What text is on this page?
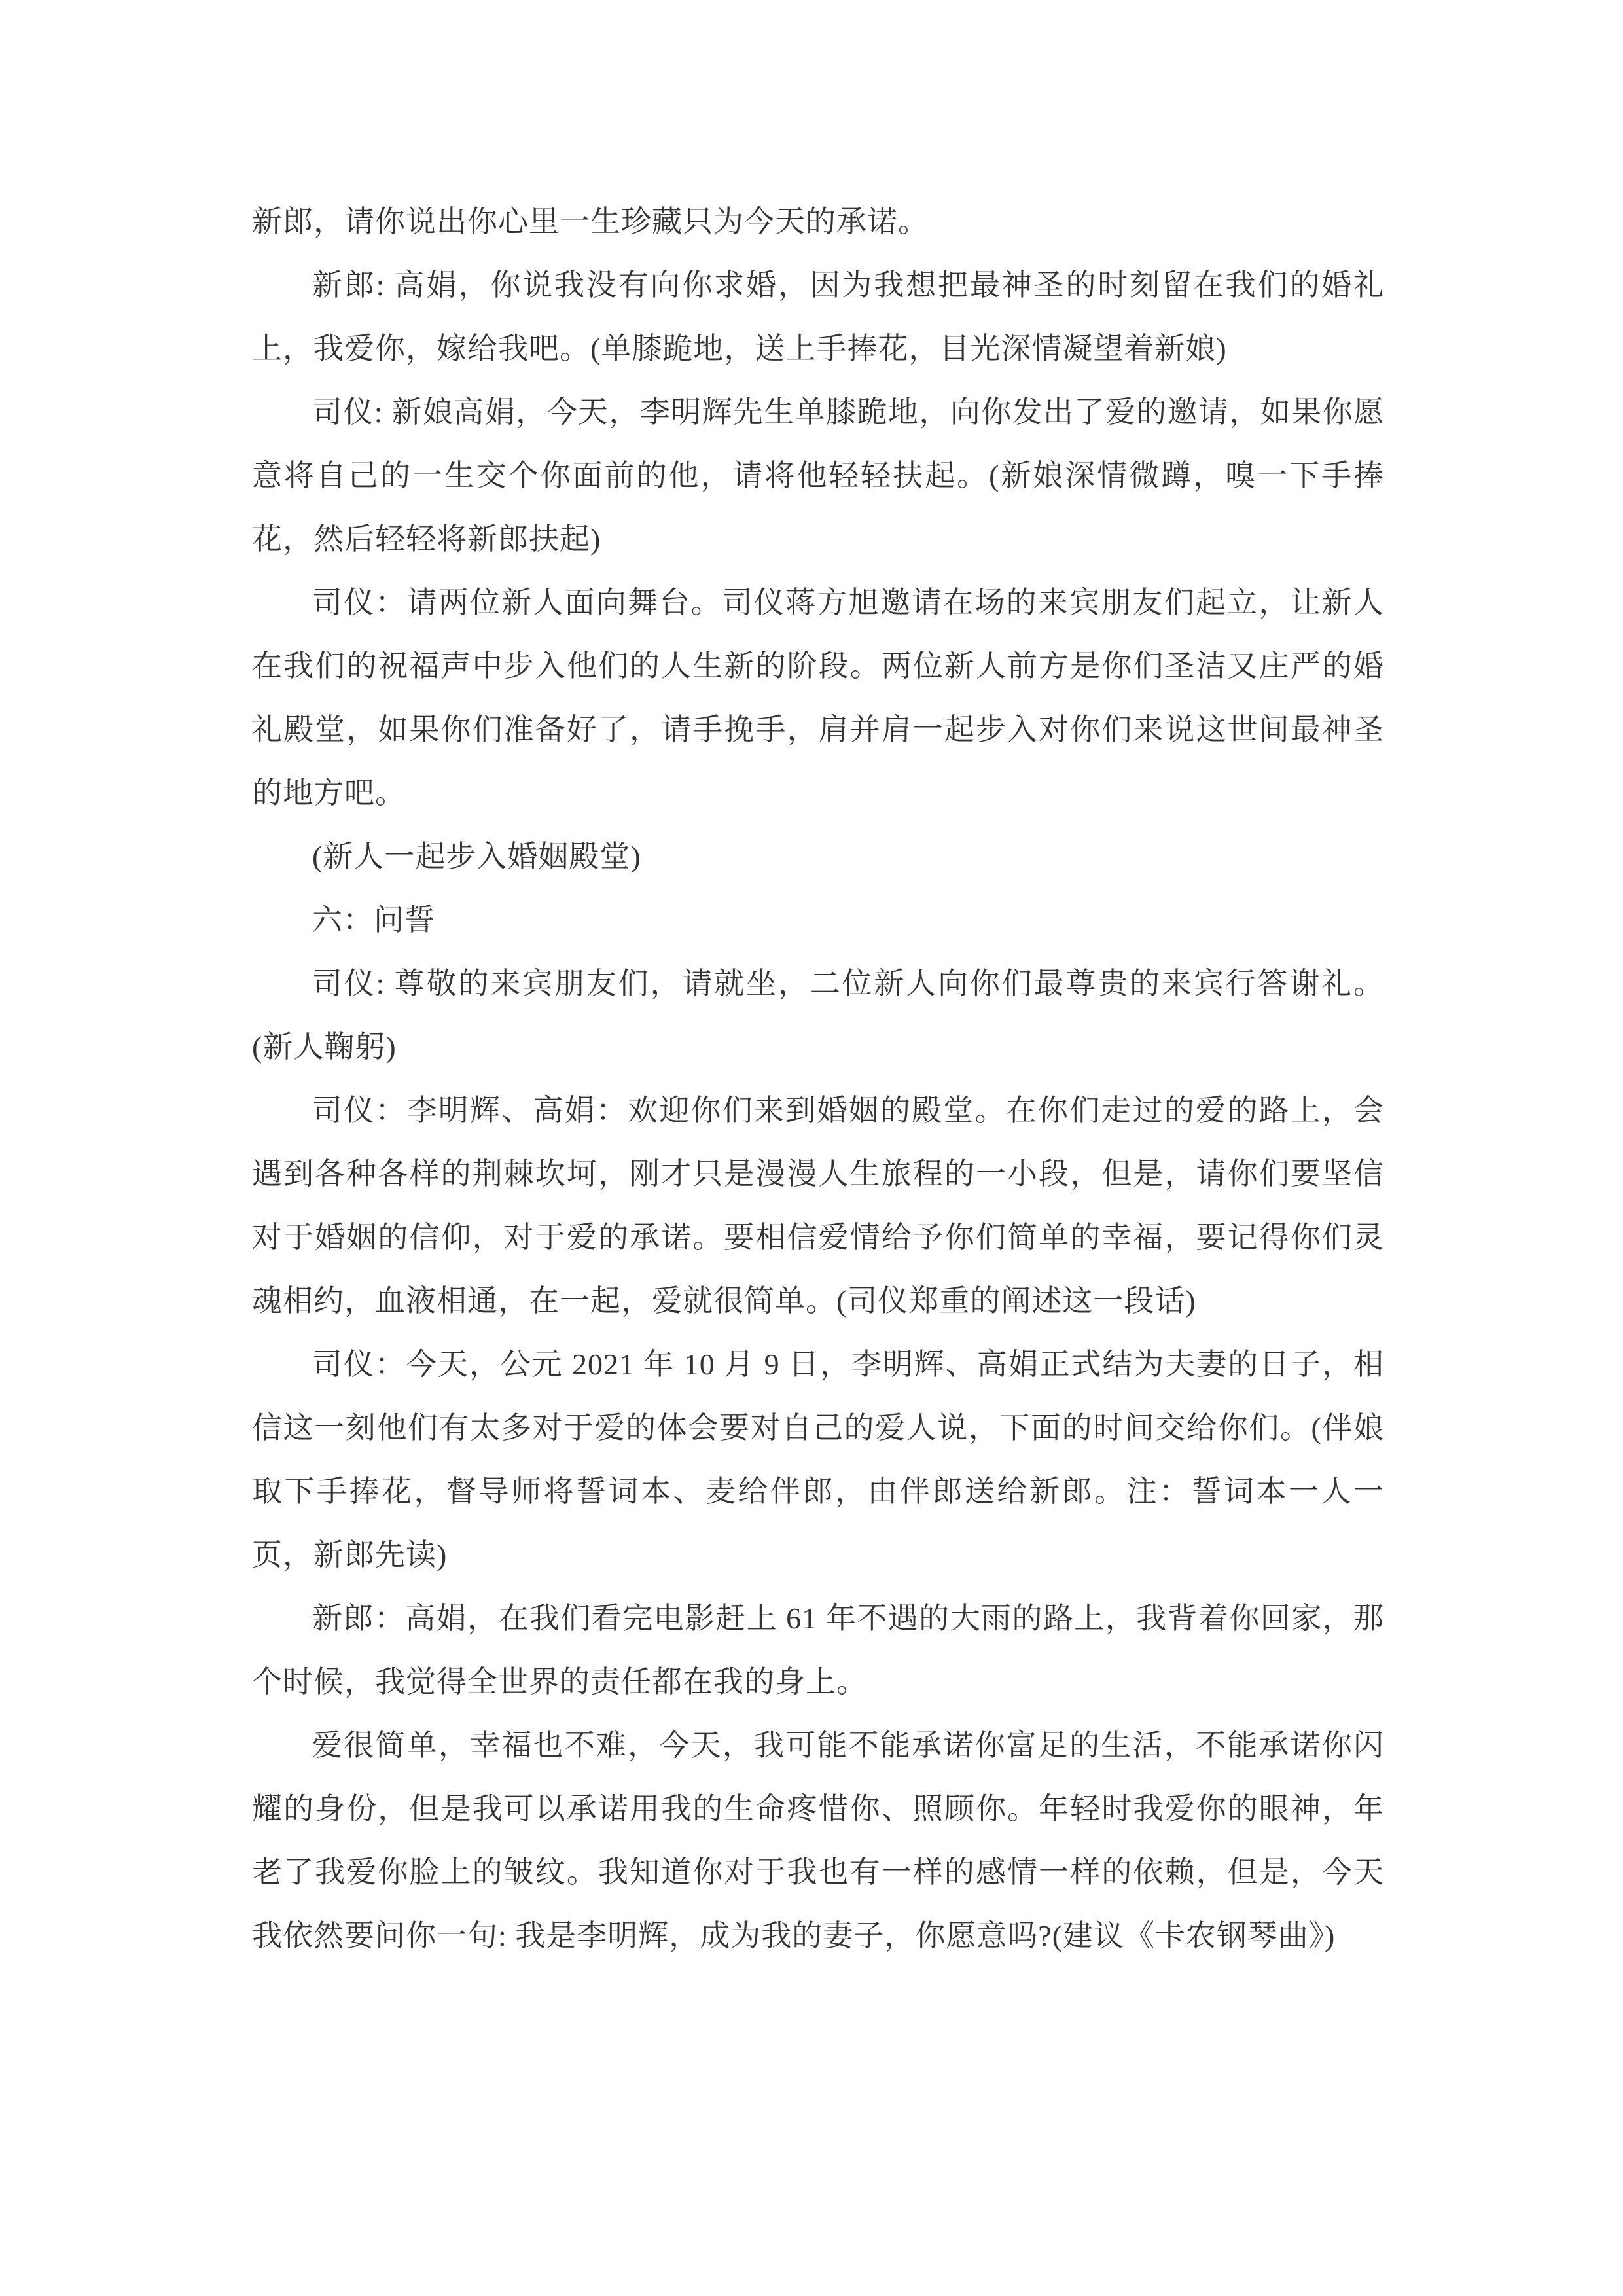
新郎，请你说出你心里一生珍藏只为今天的承诺。

新郎: 高娟，你说我没有向你求婚，因为我想把最神圣的时刻留在我们的婚礼上，我爱你，嫁给我吧。(单膝跪地，送上手捧花，目光深情凝望着新娘)

司仪: 新娘高娟，今天，李明辉先生单膝跪地，向你发出了爱的邀请，如果你愿意将自己的一生交个你面前的他，请将他轻轻扶起。(新娘深情微蹲，嗅一下手捧花，然后轻轻将新郎扶起)

司仪：请两位新人面向舞台。司仪蒋方旭邀请在场的来宾朋友们起立，让新人在我们的祝福声中步入他们的人生新的阶段。两位新人前方是你们圣洁又庄严的婚礼殿堂，如果你们准备好了，请手挽手，肩并肩一起步入对你们来说这世间最神圣的地方吧。

(新人一起步入婚姻殿堂)

六：问誓

司仪: 尊敬的来宾朋友们，请就坐，二位新人向你们最尊贵的来宾行答谢礼。(新人鞠躬)

司仪：李明辉、高娟：欢迎你们来到婚姻的殿堂。在你们走过的爱的路上，会遇到各种各样的荆棘坎坷，刚才只是漫漫人生旅程的一小段，但是，请你们要坚信对于婚姻的信仰，对于爱的承诺。要相信爱情给予你们简单的幸福，要记得你们灵魂相约，血液相通，在一起，爱就很简单。(司仪郑重的阐述这一段话)

司仪：今天，公元 2021 年 10 月 9 日，李明辉、高娟正式结为夫妻的日子，相信这一刻他们有太多对于爱的体会要对自己的爱人说，下面的时间交给你们。(伴娘取下手捧花，督导师将誓词本、麦给伴郎，由伴郎送给新郎。注：誓词本一人一页，新郎先读)

新郎：高娟，在我们看完电影赶上 61 年不遇的大雨的路上，我背着你回家，那个时候，我觉得全世界的责任都在我的身上。

爱很简单，幸福也不难，今天，我可能不能承诺你富足的生活，不能承诺你闪耀的身份，但是我可以承诺用我的生命疼惜你、照顾你。年轻时我爱你的眼神，年老了我爱你脸上的皱纹。我知道你对于我也有一样的感情一样的依赖，但是，今天我依然要问你一句: 我是李明辉，成为我的妻子，你愿意吗?(建议《卡农钢琴曲》)
